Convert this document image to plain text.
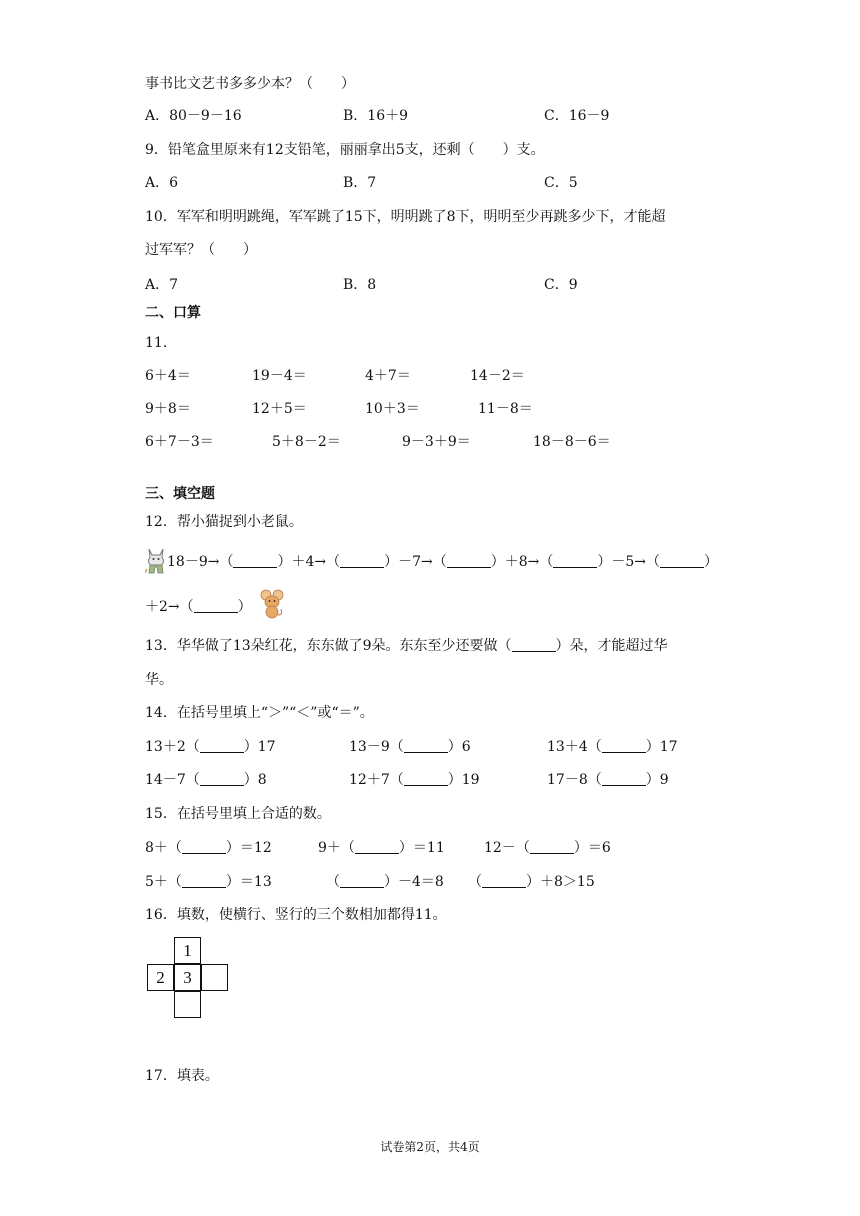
事书比文艺书多多少本？（　　）
A．80－9－16	B．16＋9	C．16－9
9．铅笔盒里原来有12支铅笔，丽丽拿出5支，还剩（　　）支。
A．6	B．7	C．5
10．军军和明明跳绳，军军跳了15下，明明跳了8下，明明至少再跳多少下，才能超
过军军？（　　）
A．7	B．8	C．9
二、口算
11．
6＋4＝	19－4＝	4＋7＝	14－2＝
9＋8＝	12＋5＝	10＋3＝	11－8＝
6＋7－3＝	5＋8－2＝	9－3＋9＝	18－8－6＝
三、填空题
12．帮小猫捉到小老鼠。
18－9→（	）＋4→（	）－7→（	）＋8→（	）－5→（	）
＋2→（	）
13．华华做了13朵红花，东东做了9朵。东东至少还要做（	）朵，才能超过华
华。
14．在括号里填上“＞”“＜”或“＝”。
13＋2（	）17	13－9（	）6	13＋4（	）17
14－7（	）8	12＋7（	）19	17－8（	）9
15．在括号里填上合适的数。
8＋（	）＝12	9＋（	）＝11	12－（	）＝6
5＋（	）＝13	（	）－4＝8 （	）＋8＞15
16．填数，使横行、竖行的三个数相加都得11。
1
2	3
17．填表。
试卷第2页，共4页
